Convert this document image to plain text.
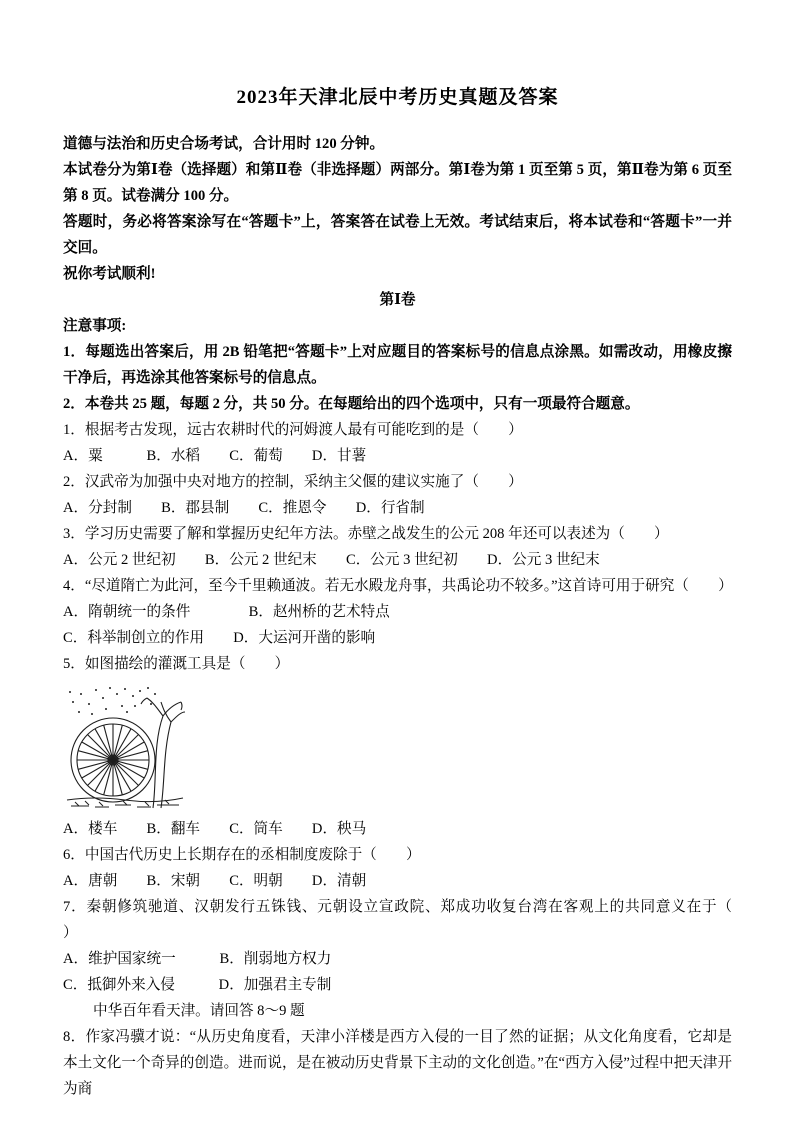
2023年天津北辰中考历史真题及答案

道德与法治和历史合场考试，合计用时 120 分钟。

本试卷分为第Ⅰ卷（选择题）和第Ⅱ卷（非选择题）两部分。第Ⅰ卷为第 1 页至第 5 页，第Ⅱ卷为第 6 页至第 8 页。试卷满分 100 分。

答题时，务必将答案涂写在“答题卡”上，答案答在试卷上无效。考试结束后，将本试卷和“答题卡”一并交回。

祝你考试顺利!

第Ⅰ卷

注意事项:

1．每题选出答案后，用 2B 铅笔把“答题卡”上对应题目的答案标号的信息点涂黑。如需改动，用橡皮擦干净后，再选涂其他答案标号的信息点。

2．本卷共 25 题，每题 2 分，共 50 分。在每题给出的四个选项中，只有一项最符合题意。

1．根据考古发现，远古农耕时代的河姆渡人最有可能吃到的是（　　）

A．粟　　　B．水稻　　C．葡萄　　D．甘薯

2．汉武帝为加强中央对地方的控制，采纳主父偃的建议实施了（　　）

A．分封制　　B．郡县制　　C．推恩令　　D．行省制

3．学习历史需要了解和掌握历史纪年方法。赤壁之战发生的公元 208 年还可以表述为（　　）

A．公元 2 世纪初　　B．公元 2 世纪末　　C．公元 3 世纪初　　D．公元 3 世纪末

4．“尽道隋亡为此河，至今千里赖通波。若无水殿龙舟事，共禹论功不较多。”这首诗可用于研究（　　）

A．隋朝统一的条件　　　　B．赵州桥的艺术特点

C．科举制创立的作用　　D．大运河开凿的影响

5．如图描绘的灌溉工具是（　　）

A．楼车　　B．翻车　　C．筒车　　D．秧马

6．中国古代历史上长期存在的丞相制度废除于（　　）

A．唐朝　　B．宋朝　　C．明朝　　D．清朝

7．秦朝修筑驰道、汉朝发行五铢钱、元朝设立宣政院、郑成功收复台湾在客观上的共同意义在于（　　）

A．维护国家统一　　　B．削弱地方权力

C．抵御外来入侵　　　D．加强君主专制

中华百年看天津。请回答 8～9 题

8．作家冯骥才说：“从历史角度看，天津小洋楼是西方入侵的一目了然的证据；从文化角度看，它却是本土文化一个奇异的创造。进而说，是在被动历史背景下主动的文化创造。”在“西方入侵”过程中把天津开为商
